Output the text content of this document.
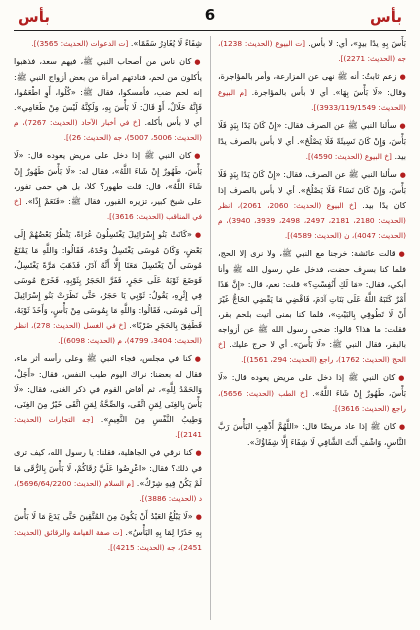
بأس
6
بأس
بَأْسَ بِهِ يدًا بيدٍ»، أي: لا بأس. [ت البيوع (الحديث: 1238)، جه (الحديث: 2271)].
●زعم ثابتٌ: أنه ﷺ نهى عن المزارعة، وأمر بالمؤاجرة، وقال: «لَا بَأْسَ بِهَا». أي لا بأس بالمؤاجرة. [م البيوع (الحديث: 3933/119/1549)].
●سألنا النبي ﷺ عن الصرف فقال: «إِنْ كَانَ يَدًا بِيَدٍ فَلَا بَأْسَ، وَإِنْ كَانَ نَسِيئَةً فَلَا يَصْلُحُ». أي لا بأس بالصرف يدًا بيد. [خ البيوع (الحديث: 4590)].
●سألنا النبي ﷺ عن الصرف، فقال: «إِنْ كَانَ يَدًا بِيَدٍ فَلَا بَأْسَ، وَإِنْ كَانَ نَسَاءً فَلَا يَصْلُحُ». أي لا بأس بالصرف إذا كان يدًا بيد. [خ البيوع (الحديث: 2060، 2061)، انظر (الحديث: 2180، 2181، 2497، 2498، 3939، 3940)، م (الحديث: 4047)، ن (الحديث: 4589)].
●قالت عائشة: خرجنا مع النبي ﷺ، ولا نرى إلا الحج، فلما كنا بسرِف حضت، فدخل علي رسول الله ﷺ وأنا أبكي، فقال: «مَا لَكِ أَنُفِسْتِ؟» قلت: نعم، قال: «إِنَّ هَذَا أَمْرٌ كَتَبَهُ اللَّهُ عَلَى بَنَاتِ آدَمَ، فَاقْضِي مَا يَقْضِي الحَاجُّ غَيْرَ أَنْ لَا تَطُوفِي بِالبَيْتِ»، فلما كنا بمنى أتيت بلحم بقر، فقلت: ما هذا؟ قالوا: ضحى رسول الله ﷺ عن أزواجه بالبقر، فقال النبي ﷺ: «لَا بَأْسَ». أي لا حرج عليك. [خ الحج (الحديث: 1762)، راجع (الحديث: 294، 1561)].
●كان النبي ﷺ إذا دخل على مريض يعوده قال: «لَا بَأْسَ، طَهُورٌ إِنْ شَاءَ اللَّهُ». [خ الطب (الحديث: 5656)، راجع (الحديث: 3616)].
●كان ﷺ إذا عاد مريضًا قال: «اللَّهُمَّ أَذْهِبِ البَأْسَ رَبَّ النَّاسِ، وَاشْفِ أَنْتَ الشَّافِي لَا شِفَاءَ إِلَّا شِفَاؤُكَ».
شِفَاءً لَا يُغَادِرُ سَقَمًا». [ت الدعوات (الحديث: 3565)].
●كان ناس من أصحاب النبي ﷺ، فيهم سعد، فذهبوا يأكلون من لحم، فنادتهم امرأة من بعض أزواج النبي ﷺ: إنه لحم ضب، فأمسكوا، فقال ﷺ: «كُلُوا، أَوِ اطْعَمُوا، فَإِنَّهُ حَلَالٌ، أَوْ قَالَ: لَا بَأْسَ بِهِ، وَلَكِنَّهُ لَيْسَ مِنْ طَعَامِي». أي لا بأس بأكله. [خ في أخبار الآحاد (الحديث: 7267)، م (الحديث: 5006، 5007)، جه (الحديث: 26)].
●كان النبي ﷺ إذا دخل على مريض يعوده قال: «لَا بَأْسَ، طَهُورٌ إِنْ شَاءَ اللَّهُ»، فقال له: «لَا بَأْسَ طَهُورٌ إِنْ شَاءَ اللَّهُ»، قال: قلت طهور؟ كلا، بل هي حمى تفور، على شيخ كبير، تزيره القبور، فقال ﷺ: «فَنَعَمْ إِذًا». [خ في المناقب (الحديث: 3616)].
●«كَانَتْ بَنُو إِسْرَائِيلَ يَغْتَسِلُونَ عُرَاةً، يَنْظُرُ بَعْضُهُمْ إِلَى بَعْضٍ، وَكَانَ مُوسَى يَغْتَسِلُ وَحْدَهُ، فَقَالُوا: وَاللَّهِ مَا يَمْنَعُ مُوسَى أَنْ يَغْتَسِلَ مَعَنَا إِلَّا أَنَّهُ آدَرُ، فَذَهَبَ مَرَّةً يَغْتَسِلُ، فَوَضَعَ ثَوْبَهُ عَلَى حَجَرٍ، فَفَرَّ الحَجَرُ بِثَوْبِهِ، فَخَرَجَ مُوسَى فِي إِثْرِهِ، يَقُولُ: ثَوْبِي يَا حَجَرُ، حَتَّى نَظَرَتْ بَنُو إِسْرَائِيلَ إِلَى مُوسَى، فَقَالُوا: وَاللَّهِ مَا بِمُوسَى مِنْ بَأْسٍ، وَأَخَذَ ثَوْبَهُ، فَطَفِقَ بِالحَجَرِ ضَرْبًا». [خ في الغسل (الحديث: 278)، انظر (الحديث: 3404، 4799)، م (الحديث: 6098)].
●كنا في مجلس، فجاء النبي ﷺ وعلى رأسه أثر ماء، فقال له بعضنا: نراك اليوم طيب النفس، فقال: «أَجَلْ، وَالحَمْدُ لِلَّهِ»، ثم أفاض القوم في ذكر الغنى، فقال: «لَا بَأْسَ بِالغِنَى لِمَنِ اتَّقَى، وَالصِّحَّةُ لِمَنِ اتَّقَى خَيْرٌ مِنَ الغِنَى، وَطِيبُ النَّفْسِ مِنَ النَّعِيمِ». [جه التجارات (الحديث: 2141)].
●كنا نرقي في الجاهلية، فقلنا: يا رسول الله، كيف ترى في ذلك؟ فقال: «اعْرِضُوا عَلَيَّ رُقَاكُمْ، لَا بَأْسَ بِالرُّقَى مَا لَمْ يَكُنْ فِيهِ شِرْكٌ». [م السلام (الحديث: 5696/64/2200)، د (الحديث: 3886)].
●«لَا يَبْلُغُ العَبْدُ أَنْ يَكُونَ مِنَ المُتَّقِينَ حَتَّى يَدَعَ مَا لَا بَأْسَ بِهِ حَذَرًا لِمَا بِهِ البَأْسُ». [ت صفة القيامة والرقائق (الحديث: 2451)، جه (الحديث: 4215)].
